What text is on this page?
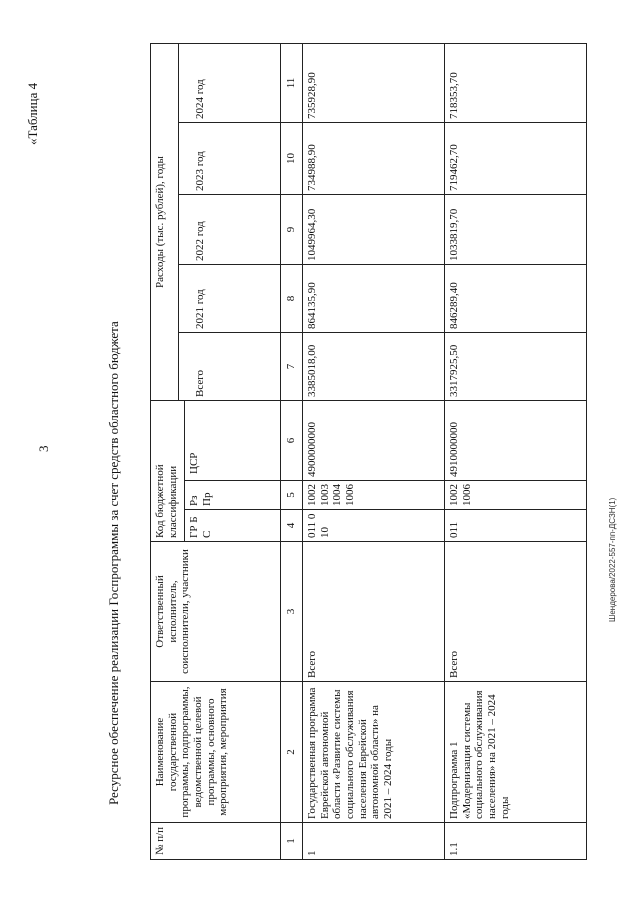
3
Шендерова/2022-557-пп-ДСЗН(1)
«Таблица 4
Ресурсное обеспечение реализации Госпрограммы за счет средств областного бюджета
№ п/п	Наименование государственной программы, подпрограммы, ведомственной целевой программы, основного мероприятия, мероприятия	Ответственный исполнитель, соисполнители, участники	Код бюджетной классификации			Расходы (тыс. рублей), годы				

						Всего	2021 год	2022 год	2023 год	2024 год

			ГР БС	Рз Пр	ЦСР					
1	2	3	4	5	6	7	8	9	10	11
1	Государственная программа Еврейской автономной области «Развитие системы социального обслуживания населения Еврейской автономной области» на 2021 – 2024 годы	Всего	011 010	1002 1003 1004 1006	4900000000	3385018,00	864135,90	1049964,30	734988,90	735928,90
1.1	Подпрограмма 1 «Модернизация системы социального обслуживания населения» на 2021 – 2024 годы	Всего	011	1002 1006	4910000000	3317925,50	846289,40	1033819,70	719462,70	718353,70
